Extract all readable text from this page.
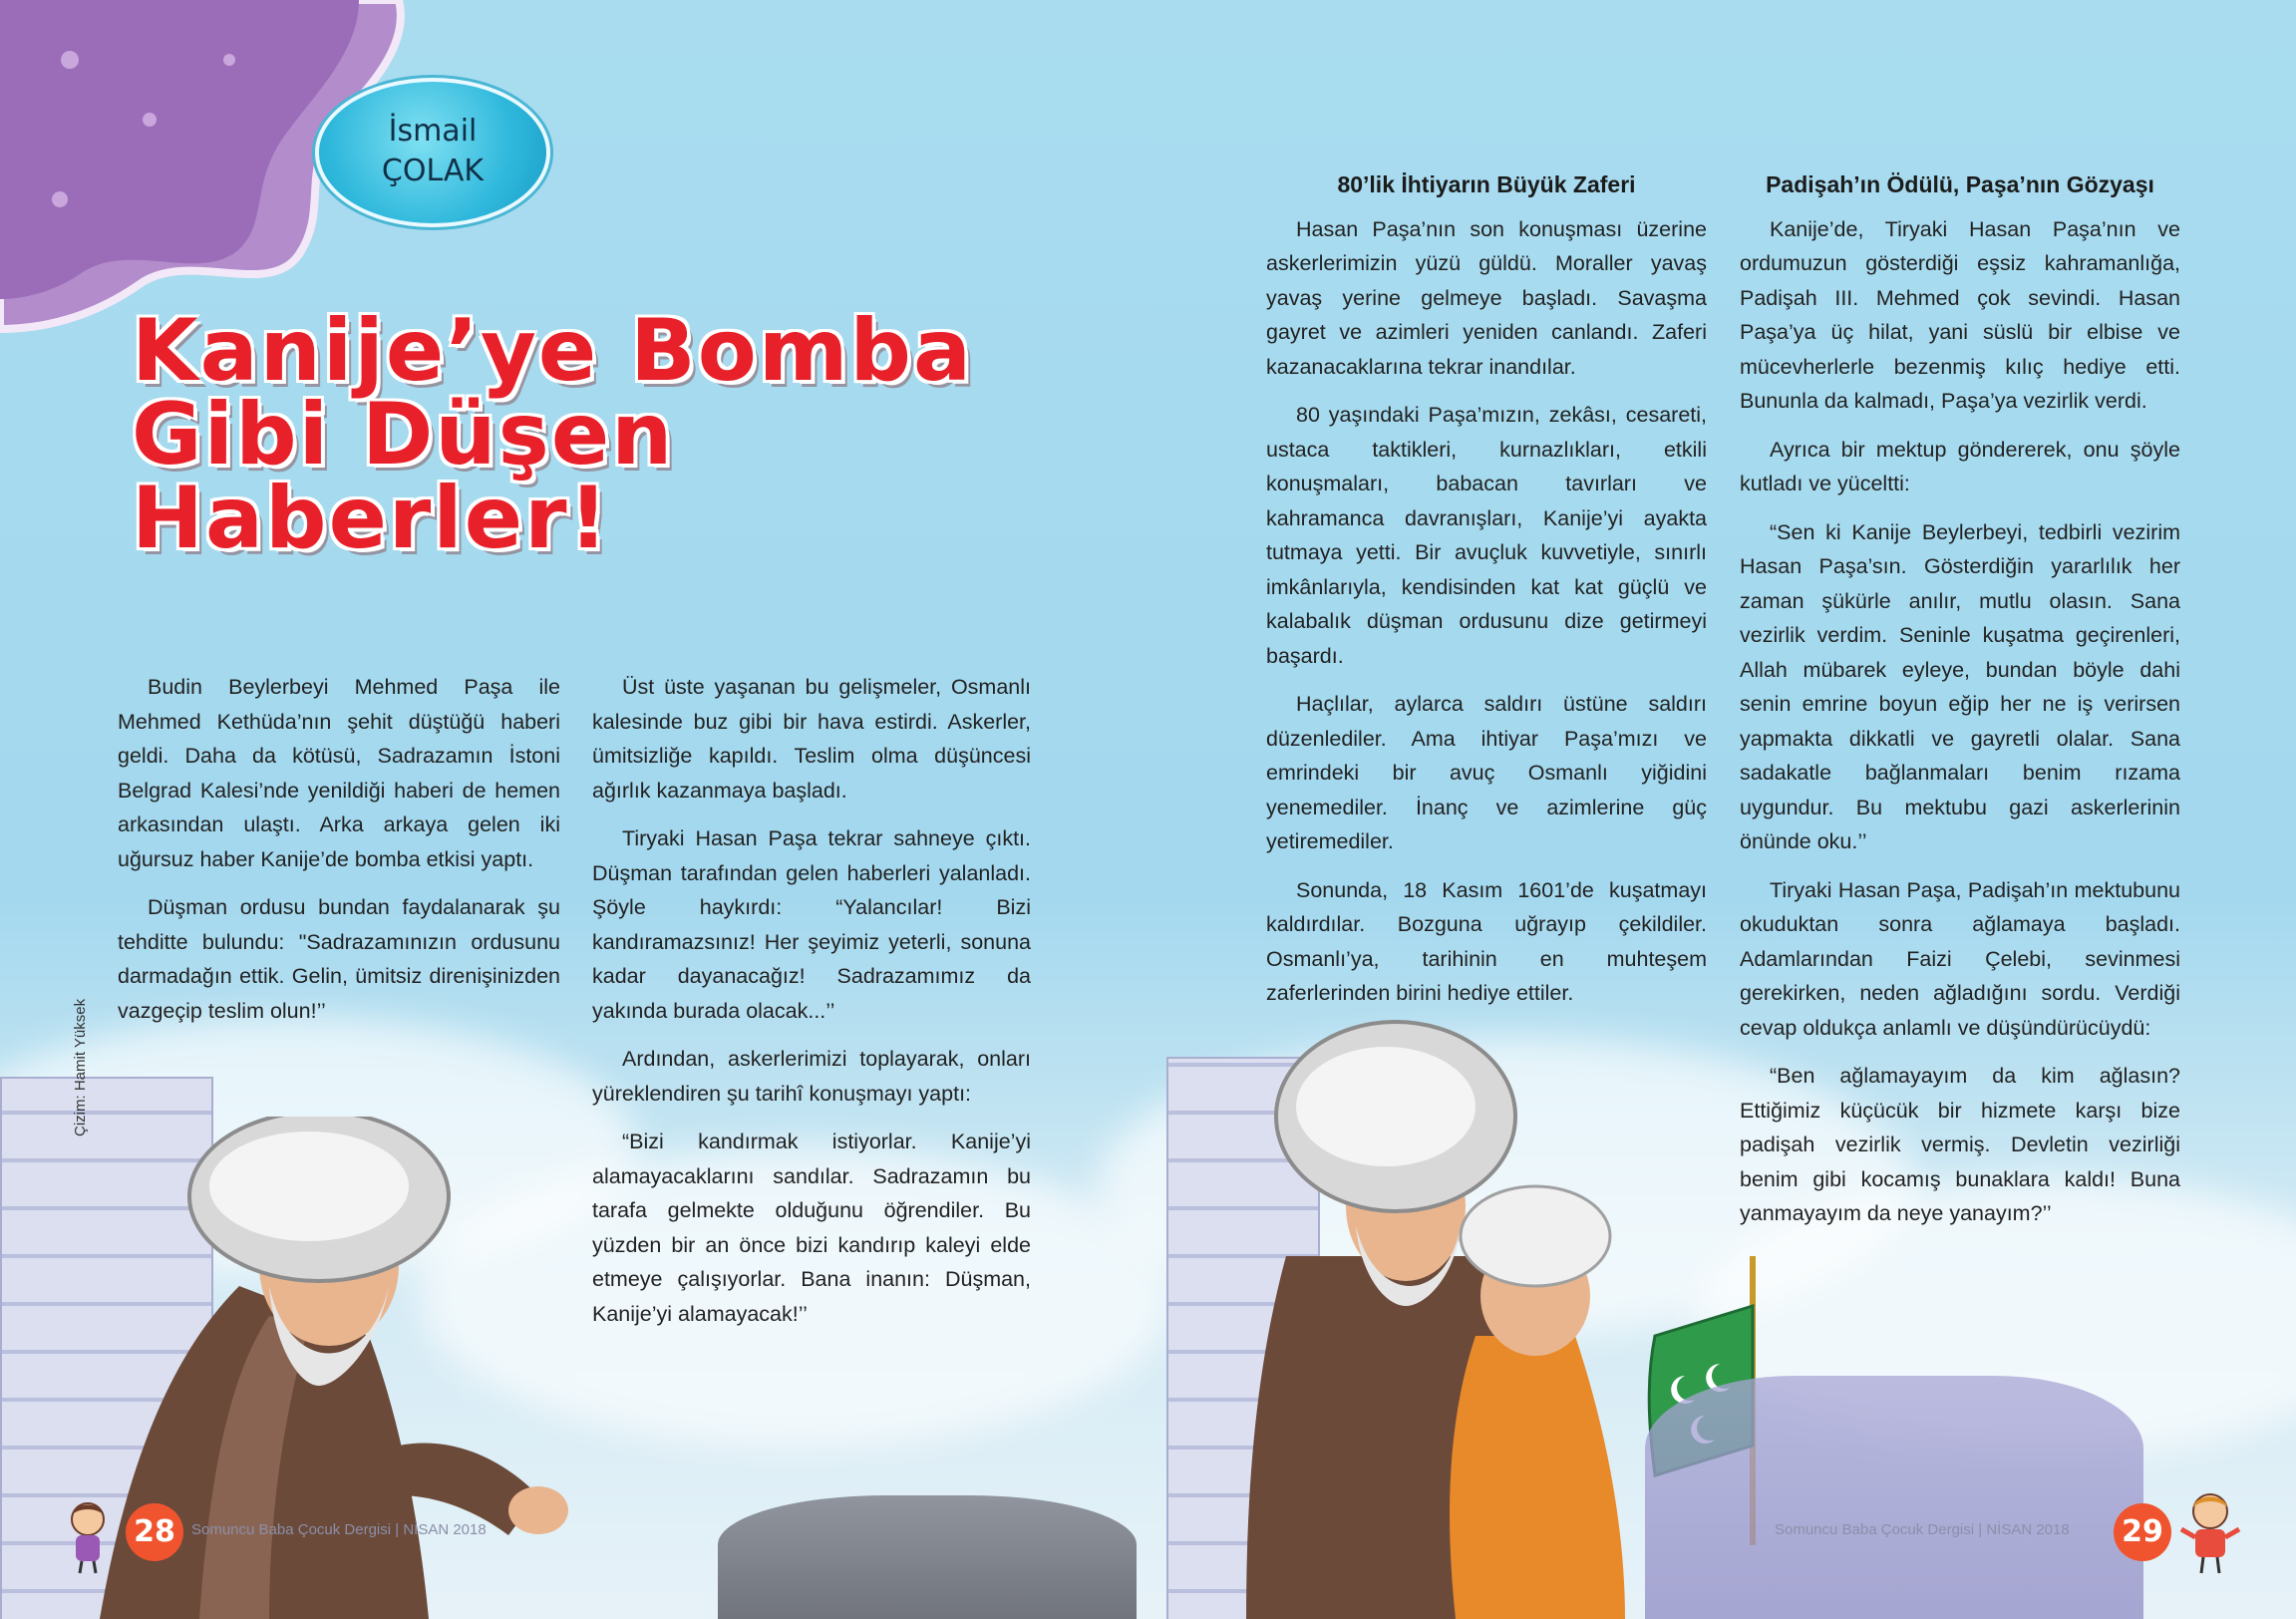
İsmail
ÇOLAK
Kanije’ye Bomba
Gibi Düşen
Haberler!
Çizim: Hamit Yüksek

Budin Beylerbeyi Mehmed Paşa ile Mehmed Kethüda’nın şehit düştüğü haberi geldi. Daha da kötüsü, Sadrazamın İstoni Belgrad Kalesi’nde yenildiği haberi de hemen arkasından ulaştı. Arka arkaya gelen iki uğursuz haber Kanije’de bomba etkisi yaptı.

Düşman ordusu bundan faydalanarak şu tehditte bulundu: "Sadrazamınızın ordusunu darmadağın ettik. Gelin, ümitsiz direnişinizden vazgeçip teslim olun!’’

Üst üste yaşanan bu gelişmeler, Osmanlı kalesinde buz gibi bir hava estirdi. Askerler, ümitsizliğe kapıldı. Teslim olma düşüncesi ağırlık kazanmaya başladı.

Tiryaki Hasan Paşa tekrar sahneye çıktı. Düşman tarafından gelen haberleri yalanladı. Şöyle haykırdı: “Yalancılar! Bizi kandıramazsınız! Her şeyimiz yeterli, sonuna kadar dayanacağız! Sadrazamımız da yakında burada olacak...’’

Ardından, askerlerimizi toplayarak, onları yüreklendiren şu tarihî konuşmayı yaptı:

“Bizi kandırmak istiyorlar. Kanije’yi alamayacaklarını sandılar. Sadrazamın bu tarafa gelmekte olduğunu öğrendiler. Bu yüzden bir an önce bizi kandırıp kaleyi elde etmeye çalışıyorlar. Bana inanın: Düşman, Kanije’yi alamayacak!’’

80’lik İhtiyarın Büyük Zaferi

Hasan Paşa’nın son konuşması üzerine askerlerimizin yüzü güldü. Moraller yavaş yavaş yerine gelmeye başladı. Savaşma gayret ve azimleri yeniden canlandı. Zaferi kazanacaklarına tekrar inandılar.

80 yaşındaki Paşa’mızın, zekâsı, cesareti, ustaca taktikleri, kurnazlıkları, etkili konuşmaları, babacan tavırları ve kahramanca davranışları, Kanije’yi ayakta tutmaya yetti. Bir avuçluk kuvvetiyle, sınırlı imkânlarıyla, kendisinden kat kat güçlü ve kalabalık düşman ordusunu dize getirmeyi başardı.

Haçlılar, aylarca saldırı üstüne saldırı düzenlediler. Ama ihtiyar Paşa’mızı ve emrindeki bir avuç Osmanlı yiğidini yenemediler. İnanç ve azimlerine güç yetiremediler.

Sonunda, 18 Kasım 1601’de kuşatmayı kaldırdılar. Bozguna uğrayıp çekildiler. Osmanlı’ya, tarihinin en muhteşem zaferlerinden birini hediye ettiler.

Padişah’ın Ödülü, Paşa’nın Gözyaşı

Kanije’de, Tiryaki Hasan Paşa’nın ve ordumuzun gösterdiği eşsiz kahramanlığa, Padişah III. Mehmed çok sevindi. Hasan Paşa’ya üç hilat, yani süslü bir elbise ve mücevherlerle bezenmiş kılıç hediye etti. Bununla da kalmadı, Paşa’ya vezirlik verdi.

Ayrıca bir mektup göndererek, onu şöyle kutladı ve yüceltti:

“Sen ki Kanije Beylerbeyi, tedbirli vezirim Hasan Paşa’sın. Gösterdiğin yararlılık her zaman şükürle anılır, mutlu olasın. Sana vezirlik verdim. Seninle kuşatma geçirenleri, Allah mübarek eyleye, bundan böyle dahi senin emrine boyun eğip her ne iş verirsen yapmakta dikkatli ve gayretli olalar. Sana sadakatle bağlanmaları benim rızama uygundur. Bu mektubu gazi askerlerinin önünde oku.’’

Tiryaki Hasan Paşa, Padişah’ın mektubunu okuduktan sonra ağlamaya başladı. Adamlarından Faizi Çelebi, sevinmesi gerekirken, neden ağladığını sordu. Verdiği cevap oldukça anlamlı ve düşündürücüydü:

“Ben ağlamayayım da kim ağlasın? Ettiğimiz küçücük bir hizmete karşı bize padişah vezirlik vermiş. Devletin vezirliği benim gibi kocamış bunaklara kaldı! Buna yanmayayım da neye yanayım?’’

28	Somuncu Baba Çocuk Dergisi | NİSAN 2018	Somuncu Baba Çocuk Dergisi | NİSAN 2018 29
